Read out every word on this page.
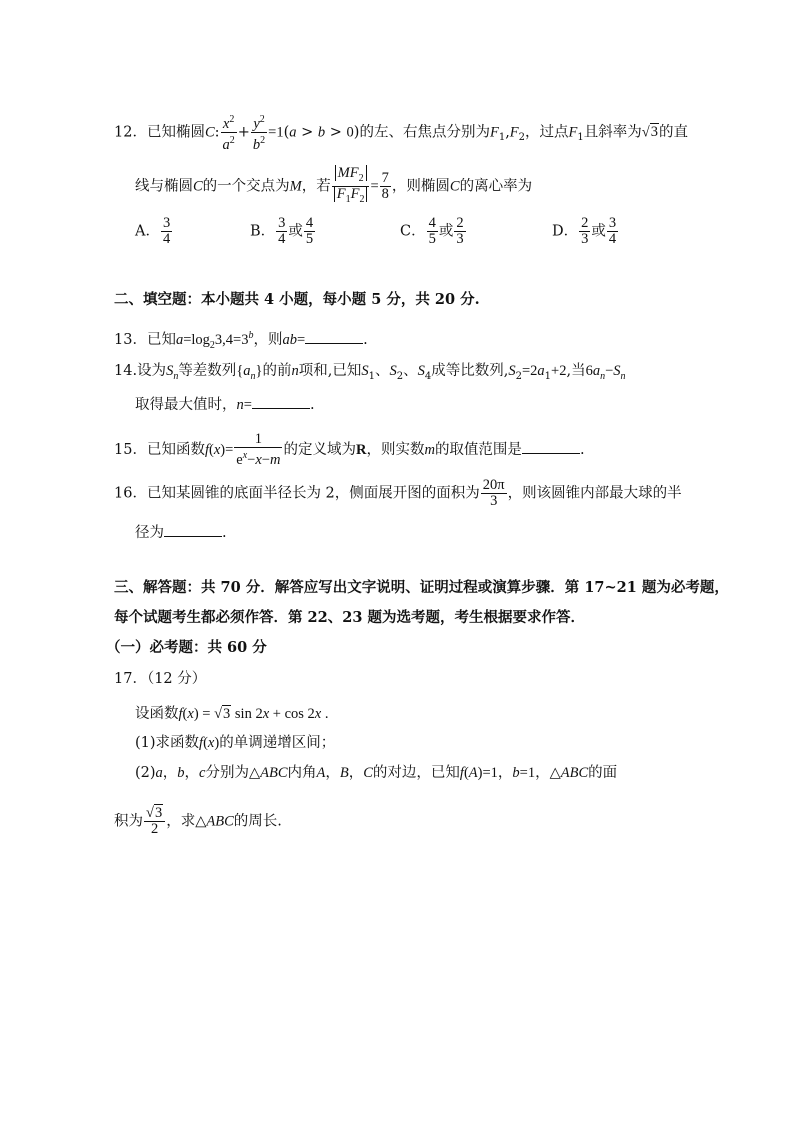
12．已知椭圆C: $\frac{x^2}{a^2} + \frac{y^2}{b^2} =1(a > b > 0)$的左、右焦点分别为$F_1,F_2$，过点$F_1$且斜率为√3的直
线与椭圆C的一个交点为M，若 $\frac{MF_2}{F_1F_2} = \frac{7}{8}$ ，则椭圆C的离心率为
A． $\frac{3}{4}$	B． $\frac{3}{4}$ 或 $\frac{4}{5}$	C． $\frac{4}{5}$ 或 $\frac{2}{3}$	D． $\frac{2}{3}$ 或 $\frac{3}{4}$
二、填空题：本小题共 4 小题，每小题 5 分，共 20 分.
13．已知$a=\log_23,4=3^b$，则ab=	.
14.设为$S_n$等差数列$\{a_n\}$的前n项和,已知$S_1$、$S_2$、$S_4$成等比数列$,S_2=2a_1+2$,当$6a_n-S_n$
取得最大值时，n=	.
15．已知函数$f(x)= \frac{1}{e^x-x-m}$ 的定义域为R，则实数m的取值范围是	.
16．已知某圆锥的底面半径长为 2，侧面展开图的面积为 $\frac{20\pi}{3}$ ，则该圆锥内部最大球的半
径为	.
三、解答题：共 70 分．解答应写出文字说明、证明过程或演算步骤．第 17~21 题为必考题，
每个试题考生都必须作答．第 22、23 题为选考题，考生根据要求作答．
（一）必考题：共 60 分
17．（12 分）
设函数f(x) = √3 sin 2x + cos 2x .
(1)求函数f(x)的单调递增区间；
(2)a，b，c分别为△ABC内角A，B，C的对边，已知f(A)=1，b=1，△ABC的面
积为 $\frac{√3}{2}$ ，求△ABC的周长.
